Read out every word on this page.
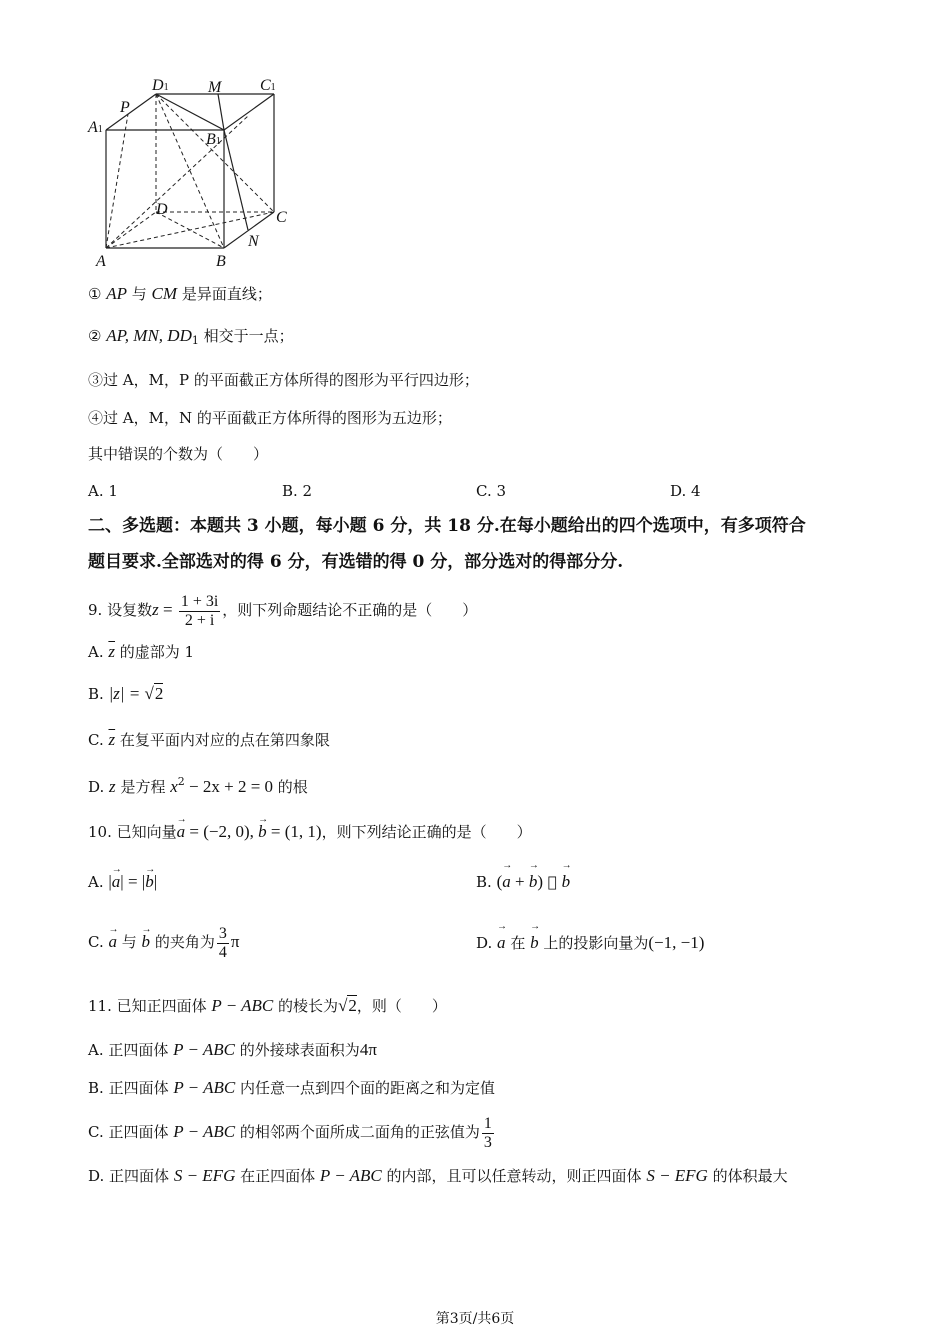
D1 M C1
P
A1
B1
D	C
N
A	B
① AP 与 CM 是异面直线；
② AP, MN, $DD_1$ 相交于一点；
③过 A，M，P 的平面截正方体所得的图形为平行四边形；
④过 A，M，N 的平面截正方体所得的图形为五边形；
其中错误的个数为（　　）
A. 1	B. 2	C. 3	D. 4
二、多选题：本题共 3 小题，每小题 6 分，共 18 分.在每小题给出的四个选项中，有多项符合
题目要求.全部选对的得 6 分，有选错的得 0 分，部分选对的得部分分.
9. 设复数$z = \frac{1 + 3i}{2 + i}$ ，则下列命题结论不正确的是（　　）
A. $\overline{z}$ 的虚部为 1
B. |z| = √2
C. $\overline{z}$ 在复平面内对应的点在第四象限
D. z 是方程 $x^2 - 2x + 2 = 0$ 的根
10. 已知向量→ a = (−2, 0), → b = (1, 1)，则下列结论正确的是（　　）
A. |→ a| = |→ b|	B. (→ a + → b) → b
C. → a 与 → b 的夹角为 $\frac{3}{4}$ π	D. → a 在 → b 上的投影向量为(−1, −1)
11. 已知正四面体 P − ABC 的棱长为√2，则（　　）
A. 正四面体 P − ABC 的外接球表面积为4π
B. 正四面体 P − ABC 内任意一点到四个面的距离之和为定值
C. 正四面体 P − ABC 的相邻两个面所成二面角的正弦值为 $\frac{1}{3}$
D. 正四面体 S − EFG 在正四面体 P − ABC 的内部，且可以任意转动，则正四面体 S − EFG 的体积最大
第3页/共6页
